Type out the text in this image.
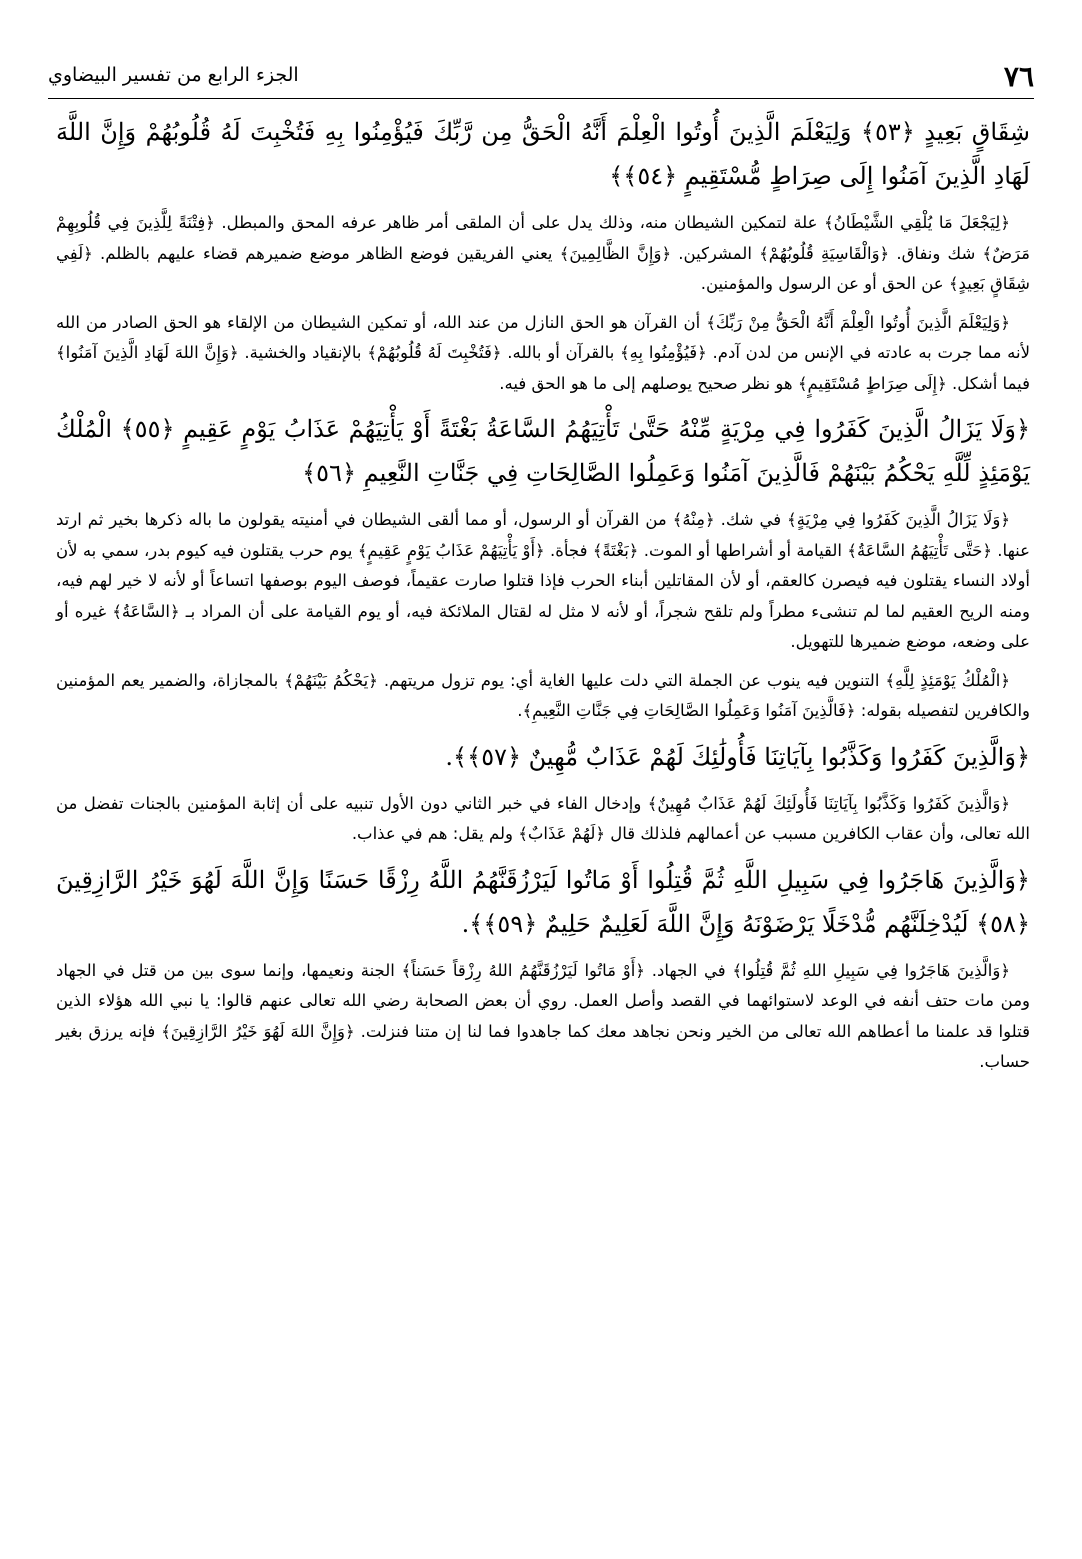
٧٦
الجزء الرابع من تفسير البيضاوي

شِقَاقٍ بَعِيدٍ ﴿٥٣﴾ وَلِيَعْلَمَ الَّذِينَ أُوتُوا الْعِلْمَ أَنَّهُ الْحَقُّ مِن رَّبِّكَ فَيُؤْمِنُوا بِهِ فَتُخْبِتَ لَهُ قُلُوبُهُمْ وَإِنَّ اللَّهَ لَهَادِ الَّذِينَ آمَنُوا إِلَى صِرَاطٍ مُّسْتَقِيمٍ ﴿٥٤﴾﴾

﴿لِيَجْعَلَ مَا يُلْقِي الشَّيْطَانُ﴾ علة لتمكين الشيطان منه، وذلك يدل على أن الملقى أمر ظاهر عرفه المحق والمبطل. ﴿فِتْنَةً لِلَّذِينَ فِي قُلُوبِهِمْ مَرَضٌ﴾ شك ونفاق. ﴿وَالْقَاسِيَةِ قُلُوبُهُمْ﴾ المشركين. ﴿وَإِنَّ الظَّالِمِينَ﴾ يعني الفريقين فوضع الظاهر موضع ضميرهم قضاء عليهم بالظلم. ﴿لَفِي شِقَاقٍ بَعِيدٍ﴾ عن الحق أو عن الرسول والمؤمنين.

﴿وَلِيَعْلَمَ الَّذِينَ أُوتُوا الْعِلْمَ أَنَّهُ الْحَقُّ مِنْ رَبِّكَ﴾ أن القرآن هو الحق النازل من عند الله، أو تمكين الشيطان من الإلقاء هو الحق الصادر من الله لأنه مما جرت به عادته في الإنس من لدن آدم. ﴿فَيُؤْمِنُوا بِهِ﴾ بالقرآن أو بالله. ﴿فَتُخْبِتَ لَهُ قُلُوبُهُمْ﴾ بالإنقياد والخشية. ﴿وَإِنَّ اللهَ لَهَادِ الَّذِينَ آمَنُوا﴾ فيما أشكل. ﴿إِلَى صِرَاطٍ مُسْتَقِيمٍ﴾ هو نظر صحيح يوصلهم إلى ما هو الحق فيه.

﴿وَلَا يَزَالُ الَّذِينَ كَفَرُوا فِي مِرْيَةٍ مِّنْهُ حَتَّىٰ تَأْتِيَهُمُ السَّاعَةُ بَغْتَةً أَوْ يَأْتِيَهُمْ عَذَابُ يَوْمٍ عَقِيمٍ ﴿٥٥﴾ الْمُلْكُ يَوْمَئِذٍ لِّلَّهِ يَحْكُمُ بَيْنَهُمْ فَالَّذِينَ آمَنُوا وَعَمِلُوا الصَّالِحَاتِ فِي جَنَّاتِ النَّعِيمِ ﴿٥٦﴾

﴿وَلَا يَزَالُ الَّذِينَ كَفَرُوا فِي مِرْيَةٍ﴾ في شك. ﴿مِنْهُ﴾ من القرآن أو الرسول، أو مما ألقى الشيطان في أمنيته يقولون ما باله ذكرها بخير ثم ارتد عنها. ﴿حَتَّى تَأْتِيَهُمُ السَّاعَةُ﴾ القيامة أو أشراطها أو الموت. ﴿بَغْتَةً﴾ فجأة. ﴿أَوْ يَأْتِيَهُمْ عَذَابُ يَوْمٍ عَقِيمٍ﴾ يوم حرب يقتلون فيه كيوم بدر، سمي به لأن أولاد النساء يقتلون فيه فيصرن كالعقم، أو لأن المقاتلين أبناء الحرب فإذا قتلوا صارت عقيماً، فوصف اليوم بوصفها اتساعاً أو لأنه لا خير لهم فيه، ومنه الريح العقيم لما لم تنشىء مطراً ولم تلقح شجراً، أو لأنه لا مثل له لقتال الملائكة فيه، أو يوم القيامة على أن المراد بـ ﴿السَّاعَةُ﴾ غيره أو على وضعه، موضع ضميرها للتهويل.

﴿الْمُلْكُ يَوْمَئِذٍ لِلَّهِ﴾ التنوين فيه ينوب عن الجملة التي دلت عليها الغاية أي: يوم تزول مريتهم. ﴿يَحْكُمُ بَيْنَهُمْ﴾ بالمجازاة، والضمير يعم المؤمنين والكافرين لتفصيله بقوله: ﴿فَالَّذِينَ آمَنُوا وَعَمِلُوا الصَّالِحَاتِ فِي جَنَّاتِ النَّعِيمِ﴾.

﴿وَالَّذِينَ كَفَرُوا وَكَذَّبُوا بِآيَاتِنَا فَأُولَٰئِكَ لَهُمْ عَذَابٌ مُّهِينٌ ﴿٥٧﴾﴾.

﴿وَالَّذِينَ كَفَرُوا وَكَذَّبُوا بِآيَاتِنَا فَأُولَئِكَ لَهُمْ عَذَابٌ مُهِينٌ﴾ وإدخال الفاء في خبر الثاني دون الأول تنبيه على أن إثابة المؤمنين بالجنات تفضل من الله تعالى، وأن عقاب الكافرين مسبب عن أعمالهم فلذلك قال ﴿لَهُمْ عَذَابٌ﴾ ولم يقل: هم في عذاب.

﴿وَالَّذِينَ هَاجَرُوا فِي سَبِيلِ اللَّهِ ثُمَّ قُتِلُوا أَوْ مَاتُوا لَيَرْزُقَنَّهُمُ اللَّهُ رِزْقًا حَسَنًا وَإِنَّ اللَّهَ لَهُوَ خَيْرُ الرَّازِقِينَ ﴿٥٨﴾ لَيُدْخِلَنَّهُم مُّدْخَلًا يَرْضَوْنَهُ وَإِنَّ اللَّهَ لَعَلِيمٌ حَلِيمٌ ﴿٥٩﴾﴾.

﴿وَالَّذِينَ هَاجَرُوا فِي سَبِيلِ اللهِ ثُمَّ قُتِلُوا﴾ في الجهاد. ﴿أَوْ مَاتُوا لَيَرْزُقَنَّهُمُ اللهُ رِزْقاً حَسَناً﴾ الجنة ونعيمها، وإنما سوى بين من قتل في الجهاد ومن مات حتف أنفه في الوعد لاستوائهما في القصد وأصل العمل. روي أن بعض الصحابة رضي الله تعالى عنهم قالوا: يا نبي الله هؤلاء الذين قتلوا قد علمنا ما أعطاهم الله تعالى من الخير ونحن نجاهد معك كما جاهدوا فما لنا إن متنا فنزلت. ﴿وَإِنَّ اللهَ لَهُوَ خَيْرُ الرَّازِقِينَ﴾ فإنه يرزق بغير حساب.
